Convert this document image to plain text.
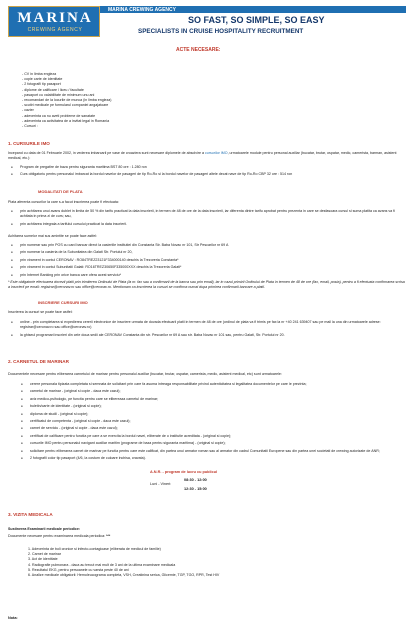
MARINA
CREWING AGENCY
MARINA CREWING AGENCY
SO FAST, SO SIMPLE, SO EASY
SPECIALISTS IN CRUISE HOSPITALITY RECRUITMENT
ACTE NECESARE:
- CV in limba engleza
- copie carte de identitate
- 2 fotografii tip pasaport
- diplome de calificare / liceu / facultate
- pasaport cu valabilitate de minimum unu ani
- recomandari de la locurile de munca (in limba engleza)
- scutiri medicale pe formularul companiei angajatoare
- cazier
- adeverinta ca nu aveti probleme de sanatate
- adeverinta ca activitatea de a invitat legal in Romania
- Cursuri :
1. CURSURILE IMO
Incepand cu data de 01 Februarie 2002, in vederea imbarcarii pe vase de croaziera sunt necesare diplomele de absolvire a cursurilor IMO, urmatoarele module pentru personal auxiliar (bucatar, brutar, ospatar, medic, camerista, barman, asistent medical, etc.):
● Program de pregatire de baza pentru siguranta maritima BST 80 ore : 1.280 ron
● Curs obligatoriu pentru personalul imbarcat la bordul navelor de pasageri de tip Ro-Ro si la bordul navelor de pasageri altele decat nave de tip Ro-Ro CBP 32 ore : 514 ron
MODALITATI DE PLATA
Plata aferenta cursurilor la care s-a facut inscrierea poate fi efectuata:
● prin achitarea unui avans dublet in limita de 50 % din tarifu practicat la data inscrierii, in termen de 48 de ore de la data inscrierii, iar diferenta dintre tarifu aprobat pentru prezenta in care se desfasoara cursul si suma platita ca avans va fi achitata in prima zi de curs; sau,
● prin achitarea integrala a tarifului cursului practicat la data inscrierii.
Achitarea sumelor mai sus amintite se poate face astfel:
● prin numerar sau prin POS cu card bancar direct la casieriile institutiei din Constanta Str. Baba Novac nr 101, Str Pescarilor nr 69 A
● prin numerar la casieria de la Subunitatea din Galati Str. Portului nr 20,
● prin virament in contul CERONAV : RO84TREZ23121F334000140 deschis la Trezoreria Constanta*
● prin virament in contul Subunitatii Galati: RO16TREZ30650F335000XXX deschis la Trezoreria Galati*
● prin Internet Banking prin orice banca care ofera acest serviciu*
* Este obligatorie efectuarea dovezii platii prin trimiterea Ordinului de Plata (la nr. fax sau a confirmarii de la banca sau prin email), iar in cazul primirii Ordinului de Plata in termen de 48 de ore (fax, email, posta), pentru a fi efectuata confirmarea scrisa a inscrierii pe email: registrar@ceronav.ro sau office@ceronav.ro. Mentionam ca inscrierea la cursuri se confirma numai dupa primirea confirmarii bancare a platii.
INSCRIERE CURSURI IMO
Inscrierea la cursuri se poate face astfel:
● online - prin completarea si expedierea cererii electronice de inscriere urmata de dovada efectuarii platii in termen de 48 de ore (ordinul de plata va fi trimis pe fax la nr +40 241 639407 sau pe mail la una din urmatoarele adrese: registrar@ceronav.ro sau office@ceronav.ro)
● la ghiseul programari inscrieri din cele doua sedii ale CERONAV Constanta din str. Pescarilor nr 69 A sau str. Baba Novac nr 101 sau, pentru Galati, Str. Portului nr 20.
2. CARNETUL DE MARINAR
Documentele necesare pentru eliberarea carnetului de marinar pentru personalul auxiliar (bucatar, brutar, ospatar, camerista, medic, asistent medical, etc) sunt urmatoarele:
● cerere personala tipizata completata si semnata de solicitant prin care fa asuma intreaga responsabilitate privind autenticitatea si legalitatea documentelor pe care le prezinta;
● carnetul de marinar - (original si copie - daca este cazul);
● aviz medico-psihologic, pe functia pentru care se elibereaza carnetul de marinar;
● buletin/carte de identitate - (original si copie);
● diploma de studii - (original si copie);
● certificatul de competenta - (original si copie - daca este cazul);
● carnet de serviciu - (original si copie - daca este cazul);
● certificat de calificare pentru functia pe care a se exercita la bordul navei, eliberate de o institutie acreditata - (original si copie);
● cursurile IMO pentru personalul navigant auxiliar maritim (programe de baza pentru siguranta maritima) - (original si copie);
● solicitare pentru eliberarea carnet de marinar pe functia pentru care este calificat, din partea unui armator roman sau al armator din cadrul Comunitatii Europene sau din partea unei societati de crewing autorizate de ANR;
● 2 fotografii color tip pasaport (4/6, la costum de culoare inchisa, cravata).
A.N.R. - program de lucru cu publicul
Luni - Vineri:
08:30 - 12:00
12:30 - 15:00
3. VIZITA MEDICALA
Sustinerea Examinarii medicale periodice:
Documente necesare pentru examinarea medicala periodica: ***
1. Adeverinta de boli cronice si infecto-contagioase (eliberata de medicul de familie)
2. Carnet de marinar
3. Act de identitate
4. Radiografie pulmonara - daca au trecut mai mult de 3 ani de la ultima examinare medicala
5. Rezultatul EKG, pentru persoanele cu varsta peste 40 de ani
6. Analize medicale obligatorii: Hemoleucograma completa, VSH, Creatinina serica, Glicemie, TGP, TGO, RPR, Test HIV
Nota:
